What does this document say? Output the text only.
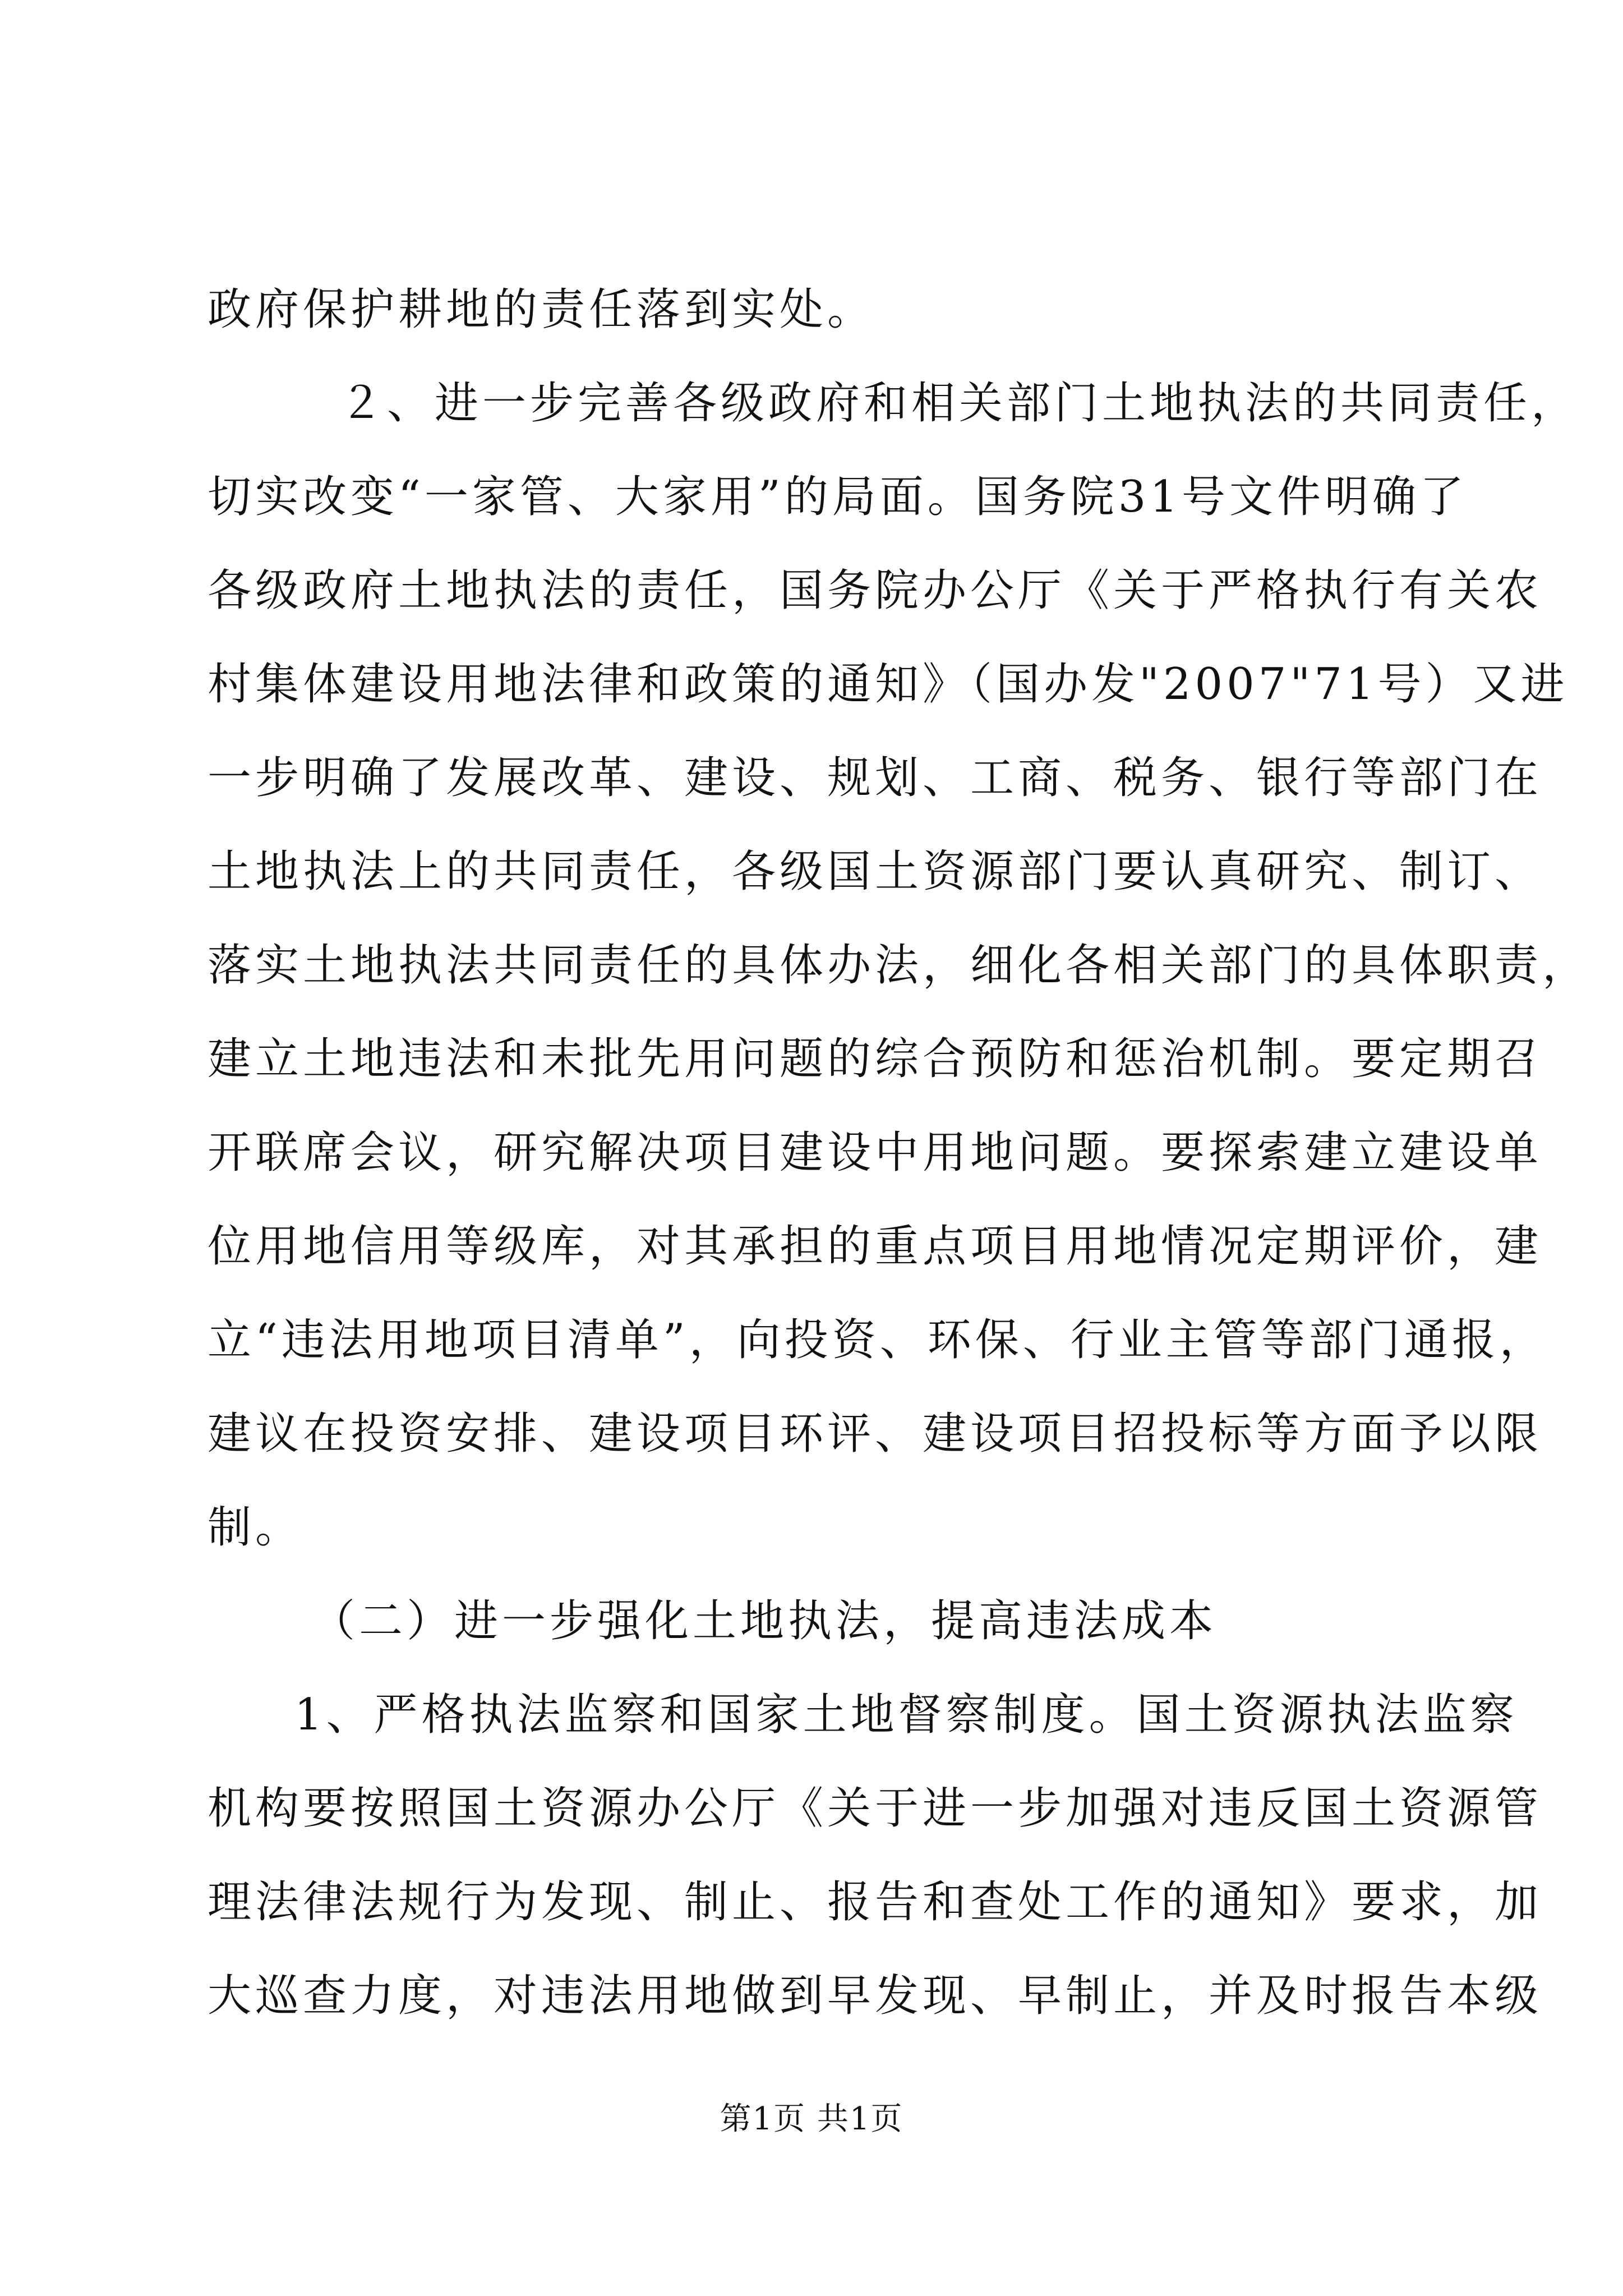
政府保护耕地的责任落到实处。
　２、进一步完善各级政府和相关部门土地执法的共同责任，
切实改变“一家管、大家用”的局面。国务院31号文件明确了
各级政府土地执法的责任，国务院办公厅《关于严格执行有关农
村集体建设用地法律和政策的通知》（国办发"2007"71号）又进
一步明确了发展改革、建设、规划、工商、税务、银行等部门在
土地执法上的共同责任，各级国土资源部门要认真研究、制订、
落实土地执法共同责任的具体办法，细化各相关部门的具体职责，
建立土地违法和未批先用问题的综合预防和惩治机制。要定期召
开联席会议，研究解决项目建设中用地问题。要探索建立建设单
位用地信用等级库，对其承担的重点项目用地情况定期评价，建
立“违法用地项目清单”，向投资、环保、行业主管等部门通报，
建议在投资安排、建设项目环评、建设项目招投标等方面予以限
制。
（二）进一步强化土地执法，提高违法成本
1、严格执法监察和国家土地督察制度。国土资源执法监察
机构要按照国土资源办公厅《关于进一步加强对违反国土资源管
理法律法规行为发现、制止、报告和查处工作的通知》要求，加
大巡查力度，对违法用地做到早发现、早制止，并及时报告本级
第1页 共1页
